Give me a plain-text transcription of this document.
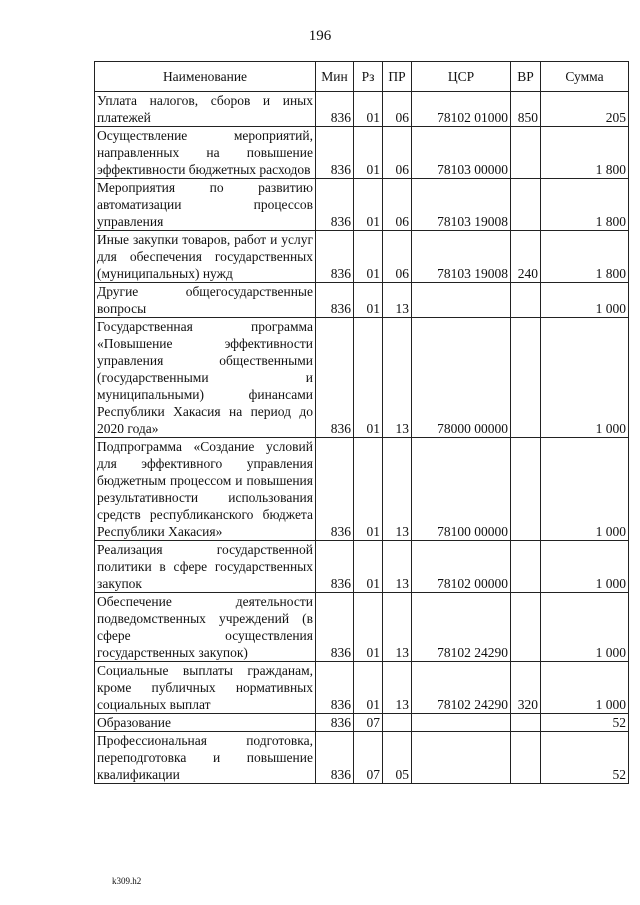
196
Наименование	Мин	Рз	ПР	ЦСР	ВР	Сумма
Уплата налогов, сборов и иных платежей	836	01	06	78102 01000	850	205
Осуществление мероприятий, направленных на повышение эффективности бюджетных расходов	836	01	06	78103 00000		1 800
Мероприятия по развитию автоматизации процессов управления	836	01	06	78103 19008		1 800
Иные закупки товаров, работ и услуг для обеспечения государственных (муниципальных) нужд	836	01	06	78103 19008	240	1 800
Другие общегосударственные вопросы	836	01	13			1 000
Государственная программа «Повышение эффективности управления общественными (государственными и муниципальными) финансами Республики Хакасия на период до 2020 года»	836	01	13	78000 00000		1 000
Подпрограмма «Создание условий для эффективного управления бюджетным процессом и повышения результативности использования средств республиканского бюджета Республики Хакасия»	836	01	13	78100 00000		1 000
Реализация государственной политики в сфере государственных закупок	836	01	13	78102 00000		1 000
Обеспечение деятельности подведомственных учреждений (в сфере осуществления государственных закупок)	836	01	13	78102 24290		1 000
Социальные выплаты гражданам, кроме публичных нормативных социальных выплат	836	01	13	78102 24290	320	1 000
Образование	836	07				52
Профессиональная подготовка, переподготовка и повышение квалификации	836	07	05			52
k309.h2
